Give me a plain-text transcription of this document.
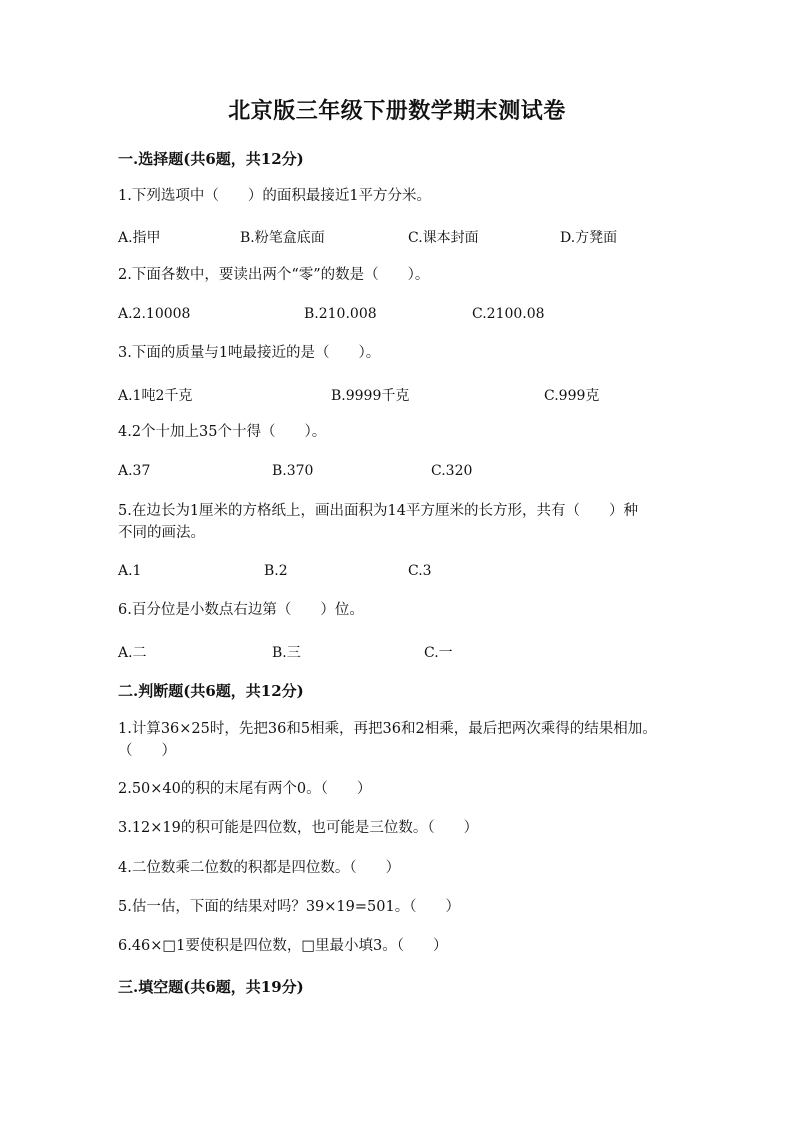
北京版三年级下册数学期末测试卷
一.选择题(共6题，共12分)
1.下列选项中（　　）的面积最接近1平方分米。
A.指甲	B.粉笔盒底面	C.课本封面	D.方凳面
2.下面各数中，要读出两个“零”的数是（　　）。
A.2.10008	B.210.008	C.2100.08
3.下面的质量与1吨最接近的是（　　）。
A.1吨2千克	B.9999千克	C.999克
4.2个十加上35个十得（　　）。
A.37	B.370	C.320
5.在边长为1厘米的方格纸上，画出面积为14平方厘米的长方形，共有（　　）种不同的画法。
A.1	B.2	C.3
6.百分位是小数点右边第（　　）位。
A.二	B.三	C.一
二.判断题(共6题，共12分)
1.计算36×25时，先把36和5相乘，再把36和2相乘，最后把两次乘得的结果相加。（　　）
2.50×40的积的末尾有两个0。（　　）
3.12×19的积可能是四位数，也可能是三位数。（　　）
4.二位数乘二位数的积都是四位数。（　　）
5.估一估，下面的结果对吗？39×19=501。（　　）
6.46×□1要使积是四位数，□里最小填3。（　　）
三.填空题(共6题，共19分)
